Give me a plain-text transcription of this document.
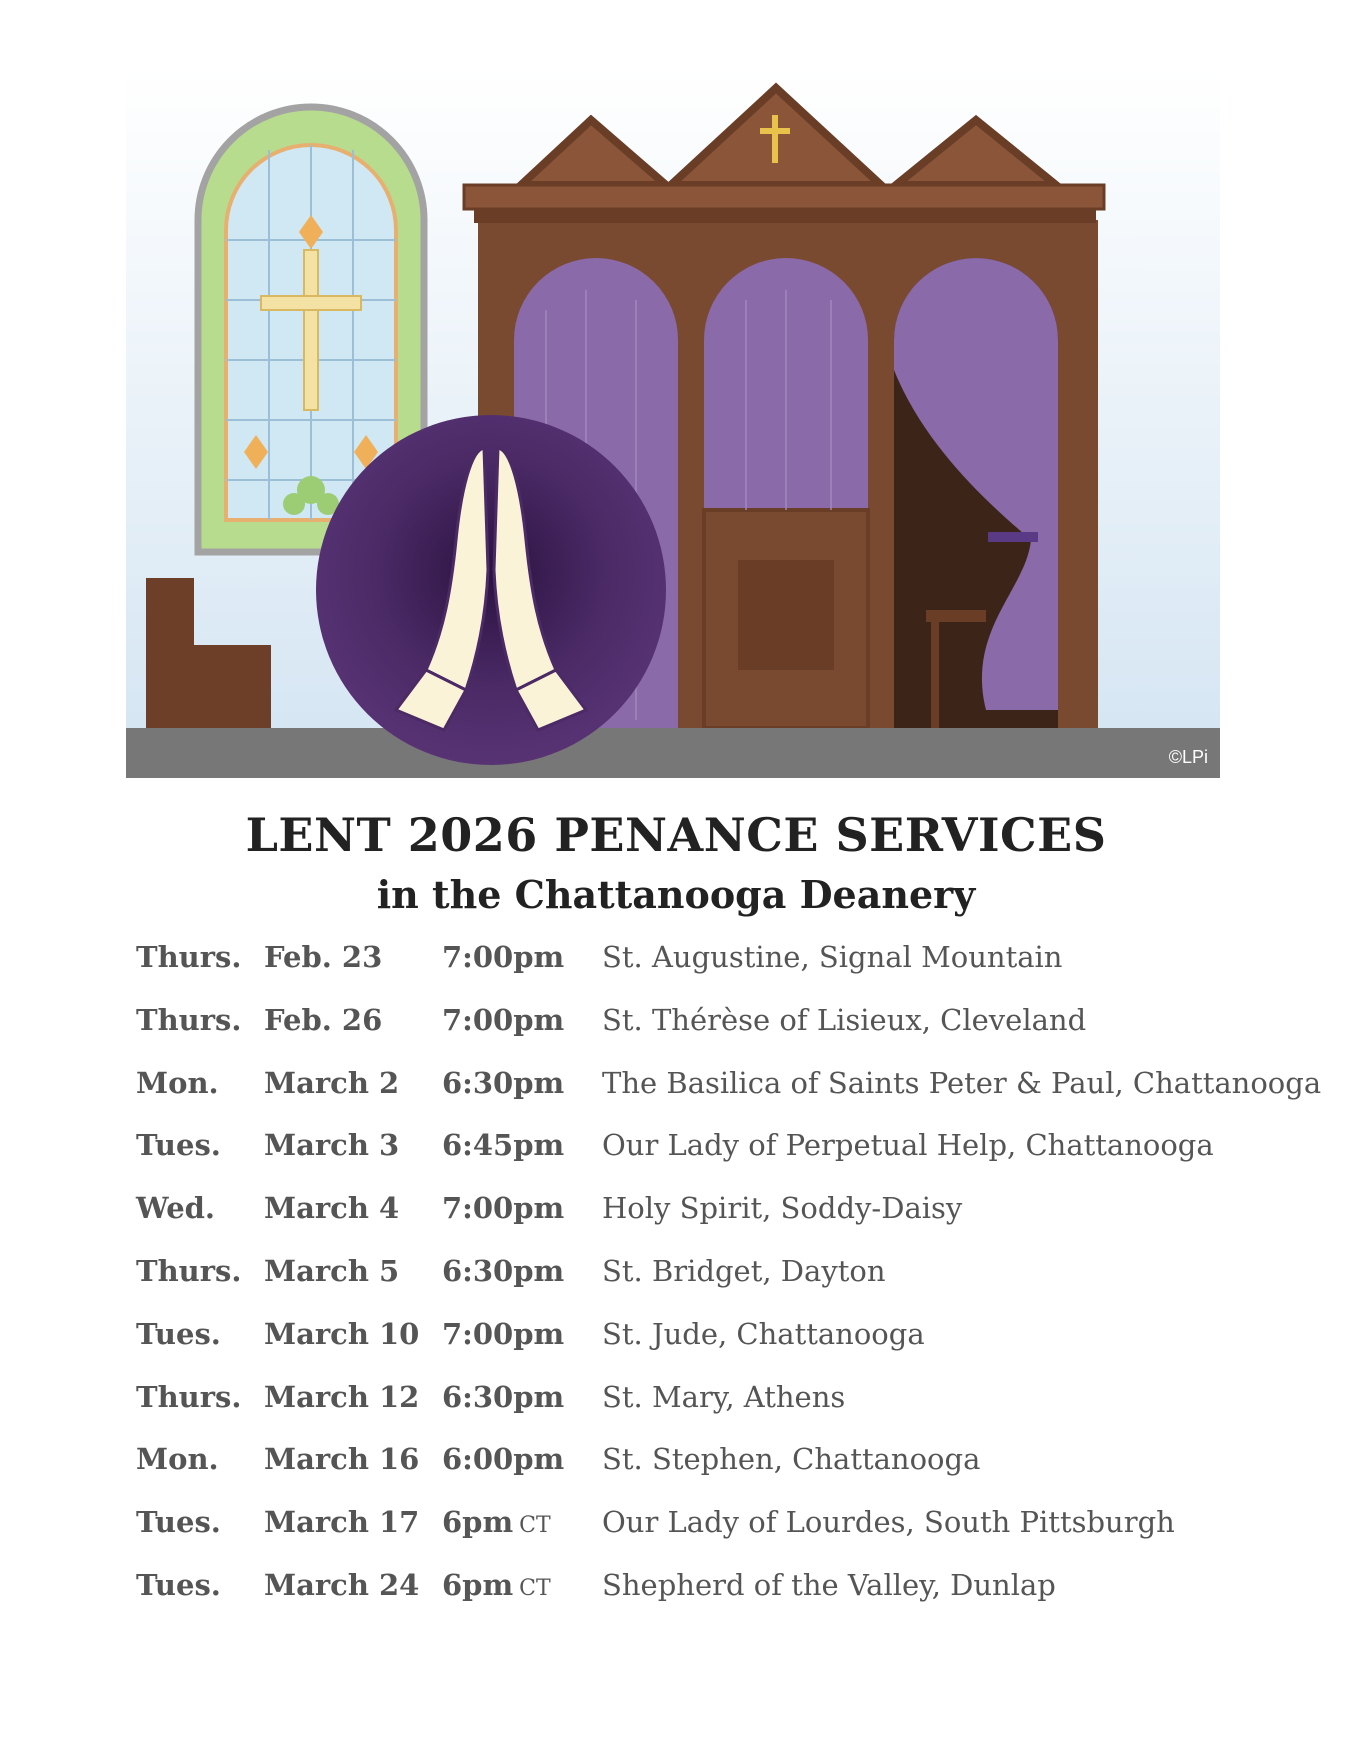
©LPi
LENT 2026 PENANCE SERVICES
in the Chattanooga Deanery
Thurs. Feb. 23 7:00pm St. Augustine, Signal Mountain
Thurs. Feb. 26 7:00pm St. Thérèse of Lisieux, Cleveland
Mon. March 2 6:30pm The Basilica of Saints Peter & Paul, Chattanooga
Tues. March 3 6:45pm Our Lady of Perpetual Help, Chattanooga
Wed. March 4 7:00pm Holy Spirit, Soddy-Daisy
Thurs. March 5 6:30pm St. Bridget, Dayton
Tues. March 10 7:00pm St. Jude, Chattanooga
Thurs. March 12 6:30pm St. Mary, Athens
Mon. March 16 6:00pm St. Stephen, Chattanooga
Tues. March 17 6pm CT Our Lady of Lourdes, South Pittsburgh
Tues. March 24 6pm CT Shepherd of the Valley, Dunlap
